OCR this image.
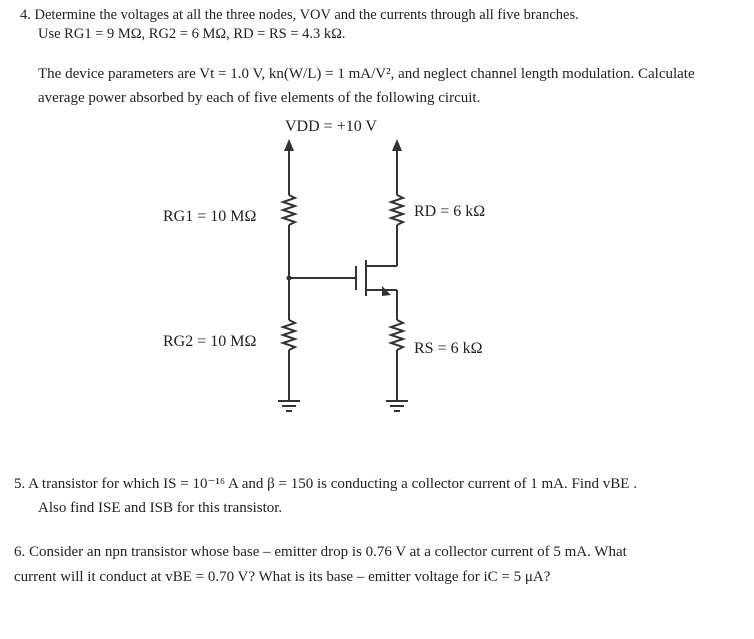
4. Determine the voltages at all the three nodes, VOV and the currents through all five branches.
Use RG1 = 9 MΩ, RG2 = 6 MΩ, RD = RS = 4.3 kΩ.
The device parameters are Vt = 1.0 V, kn(W/L) = 1 mA/V², and neglect channel length modulation. Calculate
average power absorbed by each of five elements of the following circuit.
VDD = +10 V
RG1 = 10 MΩ
RG2 = 10 MΩ
RD = 6 kΩ
RS = 6 kΩ
5. A transistor for which IS = 10⁻¹⁶ A and β = 150 is conducting a collector current of 1 mA. Find vBE .
Also find ISE and ISB for this transistor.
6. Consider an npn transistor whose base – emitter drop is 0.76 V at a collector current of 5 mA. What
current will it conduct at vBE = 0.70 V? What is its base – emitter voltage for iC = 5 μA?
